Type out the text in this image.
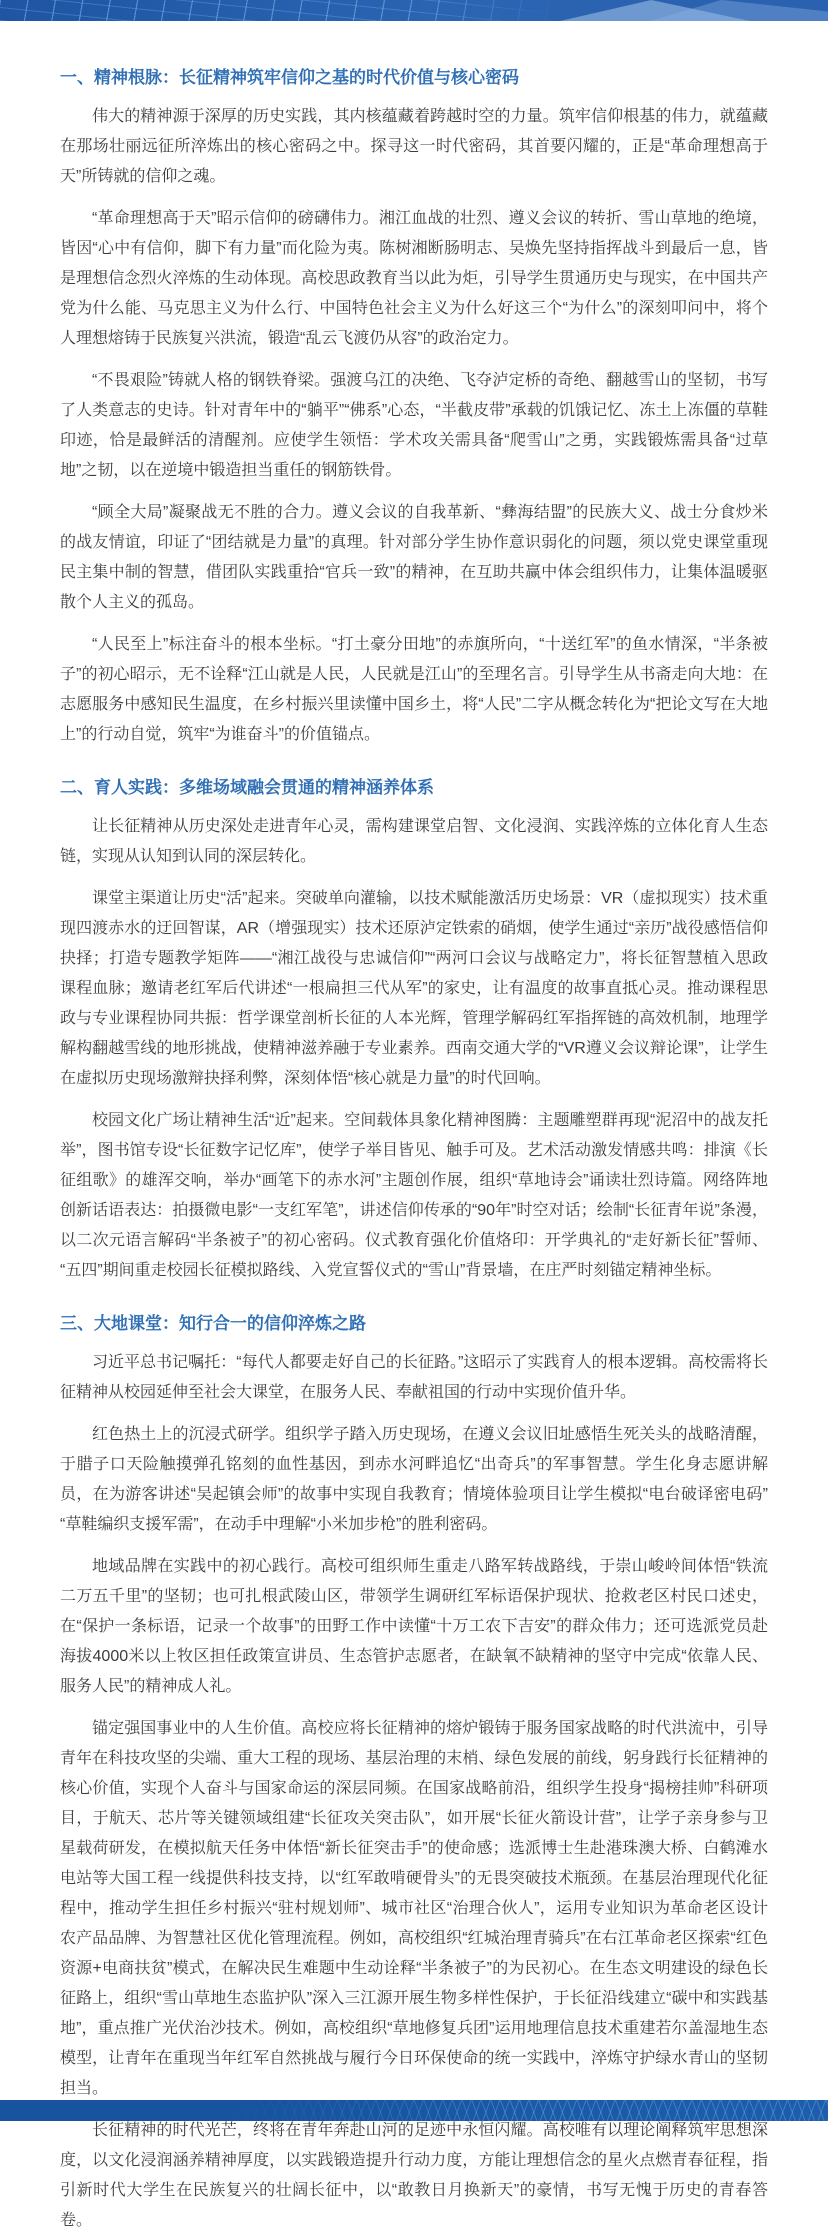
一、精神根脉：长征精神筑牢信仰之基的时代价值与核心密码

伟大的精神源于深厚的历史实践，其内核蕴藏着跨越时空的力量。筑牢信仰根基的伟力，就蕴藏在那场壮丽远征所淬炼出的核心密码之中。探寻这一时代密码，其首要闪耀的，正是“革命理想高于天”所铸就的信仰之魂。

“革命理想高于天”昭示信仰的磅礴伟力。湘江血战的壮烈、遵义会议的转折、雪山草地的绝境，皆因“心中有信仰，脚下有力量”而化险为夷。陈树湘断肠明志、吴焕先坚持指挥战斗到最后一息，皆是理想信念烈火淬炼的生动体现。高校思政教育当以此为炬，引导学生贯通历史与现实，在中国共产党为什么能、马克思主义为什么行、中国特色社会主义为什么好这三个“为什么”的深刻叩问中，将个人理想熔铸于民族复兴洪流，锻造“乱云飞渡仍从容”的政治定力。

“不畏艰险”铸就人格的钢铁脊梁。强渡乌江的决绝、飞夺泸定桥的奇绝、翻越雪山的坚韧，书写了人类意志的史诗。针对青年中的“躺平”“佛系”心态，“半截皮带”承载的饥饿记忆、冻土上冻僵的草鞋印迹，恰是最鲜活的清醒剂。应使学生领悟：学术攻关需具备“爬雪山”之勇，实践锻炼需具备“过草地”之韧，以在逆境中锻造担当重任的钢筋铁骨。

“顾全大局”凝聚战无不胜的合力。遵义会议的自我革新、“彝海结盟”的民族大义、战士分食炒米的战友情谊，印证了“团结就是力量”的真理。针对部分学生协作意识弱化的问题，须以党史课堂重现民主集中制的智慧，借团队实践重拾“官兵一致”的精神，在互助共赢中体会组织伟力，让集体温暖驱散个人主义的孤岛。

“人民至上”标注奋斗的根本坐标。“打土豪分田地”的赤旗所向，“十送红军”的鱼水情深，“半条被子”的初心昭示，无不诠释“江山就是人民，人民就是江山”的至理名言。引导学生从书斋走向大地：在志愿服务中感知民生温度，在乡村振兴里读懂中国乡土，将“人民”二字从概念转化为“把论文写在大地上”的行动自觉，筑牢“为谁奋斗”的价值锚点。

二、育人实践：多维场域融会贯通的精神涵养体系

让长征精神从历史深处走进青年心灵，需构建课堂启智、文化浸润、实践淬炼的立体化育人生态链，实现从认知到认同的深层转化。

课堂主渠道让历史“活”起来。突破单向灌输，以技术赋能激活历史场景：VR（虚拟现实）技术重现四渡赤水的迂回智谋，AR（增强现实）技术还原泸定铁索的硝烟，使学生通过“亲历”战役感悟信仰抉择；打造专题教学矩阵——“湘江战役与忠诚信仰”“两河口会议与战略定力”，将长征智慧植入思政课程血脉；邀请老红军后代讲述“一根扁担三代从军”的家史，让有温度的故事直抵心灵。推动课程思政与专业课程协同共振：哲学课堂剖析长征的人本光辉，管理学解码红军指挥链的高效机制，地理学解构翻越雪线的地形挑战，使精神滋养融于专业素养。西南交通大学的“VR遵义会议辩论课”，让学生在虚拟历史现场激辩抉择利弊，深刻体悟“核心就是力量”的时代回响。

校园文化广场让精神生活“近”起来。空间载体具象化精神图腾：主题雕塑群再现“泥沼中的战友托举”，图书馆专设“长征数字记忆库”，使学子举目皆见、触手可及。艺术活动激发情感共鸣：排演《长征组歌》的雄浑交响，举办“画笔下的赤水河”主题创作展，组织“草地诗会”诵读壮烈诗篇。网络阵地创新话语表达：拍摄微电影“一支红军笔”，讲述信仰传承的“90年”时空对话；绘制“长征青年说”条漫，以二次元语言解码“半条被子”的初心密码。仪式教育强化价值烙印：开学典礼的“走好新长征”誓师、“五四”期间重走校园长征模拟路线、入党宣誓仪式的“雪山”背景墙，在庄严时刻锚定精神坐标。

三、大地课堂：知行合一的信仰淬炼之路

习近平总书记嘱托：“每代人都要走好自己的长征路。”这昭示了实践育人的根本逻辑。高校需将长征精神从校园延伸至社会大课堂，在服务人民、奉献祖国的行动中实现价值升华。

红色热土上的沉浸式研学。组织学子踏入历史现场，在遵义会议旧址感悟生死关头的战略清醒，于腊子口天险触摸弹孔铭刻的血性基因，到赤水河畔追忆“出奇兵”的军事智慧。学生化身志愿讲解员，在为游客讲述“吴起镇会师”的故事中实现自我教育；情境体验项目让学生模拟“电台破译密电码”“草鞋编织支援军需”，在动手中理解“小米加步枪”的胜利密码。

地域品牌在实践中的初心践行。高校可组织师生重走八路军转战路线，于崇山峻岭间体悟“铁流二万五千里”的坚韧；也可扎根武陵山区，带领学生调研红军标语保护现状、抢救老区村民口述史，在“保护一条标语，记录一个故事”的田野工作中读懂“十万工农下吉安”的群众伟力；还可选派党员赴海拔4000米以上牧区担任政策宣讲员、生态管护志愿者，在缺氧不缺精神的坚守中完成“依靠人民、服务人民”的精神成人礼。

锚定强国事业中的人生价值。高校应将长征精神的熔炉锻铸于服务国家战略的时代洪流中，引导青年在科技攻坚的尖端、重大工程的现场、基层治理的末梢、绿色发展的前线，躬身践行长征精神的核心价值，实现个人奋斗与国家命运的深层同频。在国家战略前沿，组织学生投身“揭榜挂帅”科研项目，于航天、芯片等关键领域组建“长征攻关突击队”，如开展“长征火箭设计营”，让学子亲身参与卫星载荷研发，在模拟航天任务中体悟“新长征突击手”的使命感；选派博士生赴港珠澳大桥、白鹤滩水电站等大国工程一线提供科技支持，以“红军敢啃硬骨头”的无畏突破技术瓶颈。在基层治理现代化征程中，推动学生担任乡村振兴“驻村规划师”、城市社区“治理合伙人”，运用专业知识为革命老区设计农产品品牌、为智慧社区优化管理流程。例如，高校组织“红城治理青骑兵”在右江革命老区探索“红色资源+电商扶贫”模式，在解决民生难题中生动诠释“半条被子”的为民初心。在生态文明建设的绿色长征路上，组织“雪山草地生态监护队”深入三江源开展生物多样性保护，于长征沿线建立“碳中和实践基地”，重点推广光伏治沙技术。例如，高校组织“草地修复兵团”运用地理信息技术重建若尔盖湿地生态模型，让青年在重现当年红军自然挑战与履行今日环保使命的统一实践中，淬炼守护绿水青山的坚韧担当。

长征精神的时代光芒，终将在青年奔赴山河的足迹中永恒闪耀。高校唯有以理论阐释筑牢思想深度，以文化浸润涵养精神厚度，以实践锻造提升行动力度，方能让理想信念的星火点燃青春征程，指引新时代大学生在民族复兴的壮阔长征中，以“敢教日月换新天”的豪情，书写无愧于历史的青春答卷。
